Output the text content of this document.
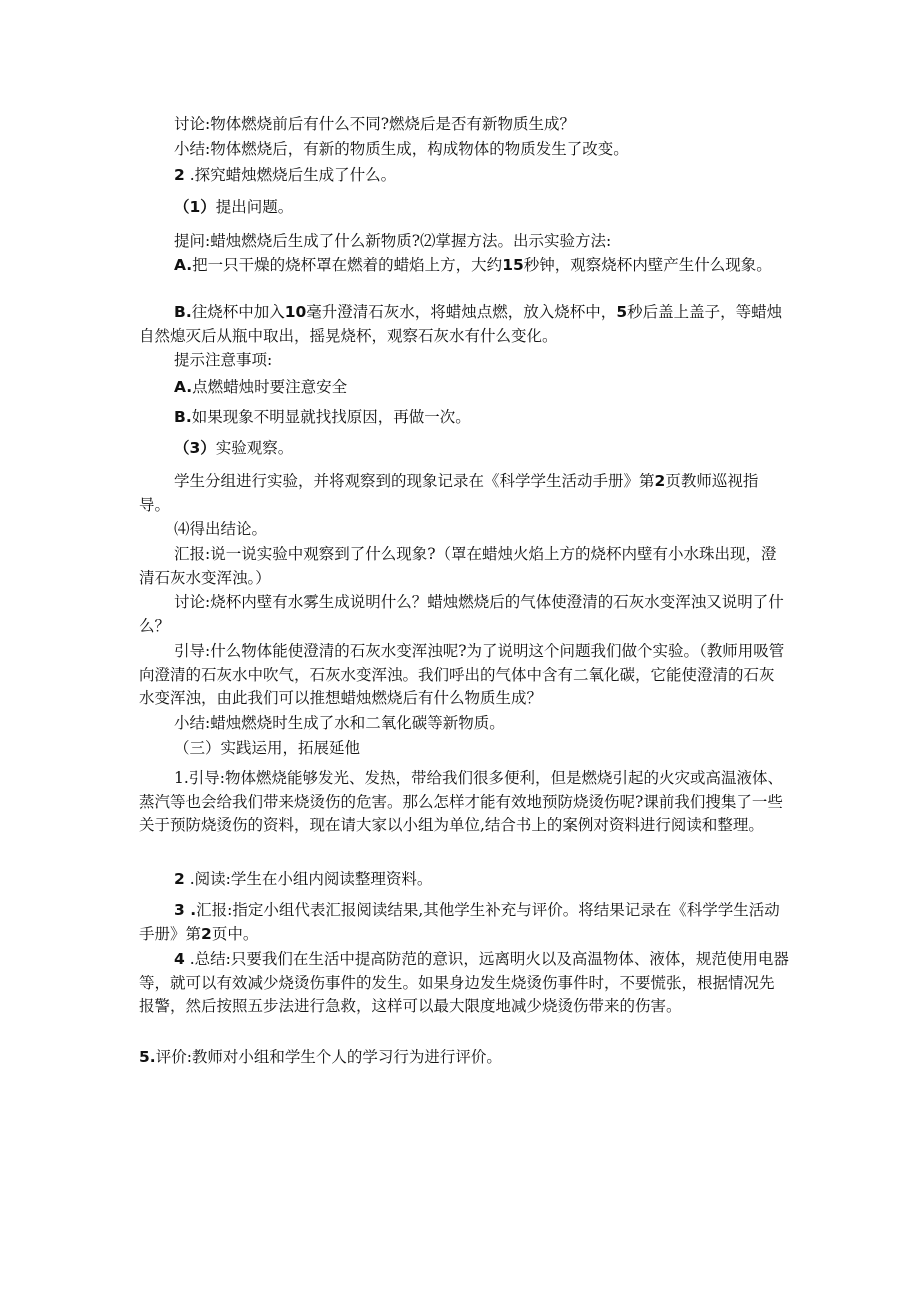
讨论:物体燃烧前后有什么不同?燃烧后是否有新物质生成？

小结:物体燃烧后，有新的物质生成，构成物体的物质发生了改变。

2 .探究蜡烛燃烧后生成了什么。

（1）提出问题。

提问:蜡烛燃烧后生成了什么新物质?⑵掌握方法。出示实验方法:

A.把一只干燥的烧杯罩在燃着的蜡焰上方，大约15秒钟，观察烧杯内壁产生什么现象。

B.往烧杯中加入10毫升澄清石灰水，将蜡烛点燃，放入烧杯中，5秒后盖上盖子，等蜡烛自然熄灭后从瓶中取出，摇晃烧杯，观察石灰水有什么变化。

提示注意事项:

A.点燃蜡烛时要注意安全

B.如果现象不明显就找找原因，再做一次。

（3）实验观察。

学生分组进行实验，并将观察到的现象记录在《科学学生活动手册》第2页教师巡视指导。

⑷得出结论。

汇报:说一说实验中观察到了什么现象?（罩在蜡烛火焰上方的烧杯内壁有小水珠出现，澄清石灰水变浑浊。）

讨论:烧杯内壁有水雾生成说明什么？蜡烛燃烧后的气体使澄清的石灰水变浑浊又说明了什么？

引导:什么物体能使澄清的石灰水变浑浊呢?为了说明这个问题我们做个实验。（教师用吸管向澄清的石灰水中吹气，石灰水变浑浊。我们呼出的气体中含有二氧化碳，它能使澄清的石灰水变浑浊，由此我们可以推想蜡烛燃烧后有什么物质生成？

小结:蜡烛燃烧时生成了水和二氧化碳等新物质。

（三）实践运用，拓展延他

1.引导:物体燃烧能够发光、发热，带给我们很多便利，但是燃烧引起的火灾或高温液体、蒸汽等也会给我们带来烧烫伤的危害。那么怎样才能有效地预防烧烫伤呢?课前我们搜集了一些关于预防烧烫伤的资料，现在请大家以小组为单位,结合书上的案例对资料进行阅读和整理。

2 .阅读:学生在小组内阅读整理资料。

3 .汇报:指定小组代表汇报阅读结果,其他学生补充与评价。将结果记录在《科学学生活动手册》第2页中。

4 .总结:只要我们在生活中提高防范的意识，远离明火以及高温物体、液体，规范使用电器等，就可以有效减少烧烫伤事件的发生。如果身边发生烧烫伤事件时，不要慌张，根据情况先报警，然后按照五步法进行急救，这样可以最大限度地减少烧烫伤带来的伤害。

5.评价:教师对小组和学生个人的学习行为进行评价。
